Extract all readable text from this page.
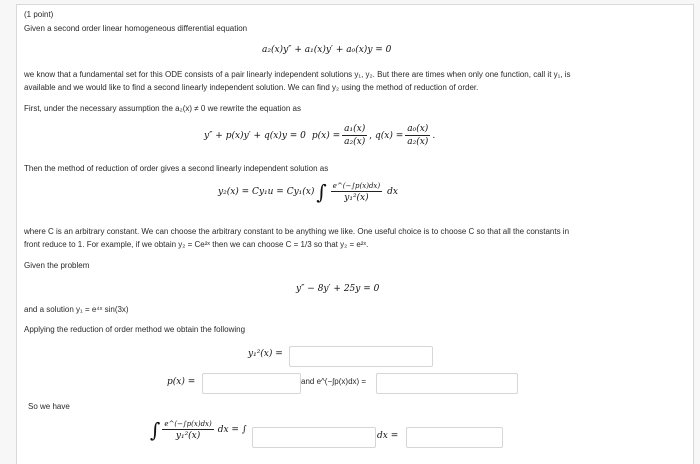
(1 point)
Given a second order linear homogeneous differential equation
a₂(x)y″ + a₁(x)y′ + a₀(x)y = 0
we know that a fundamental set for this ODE consists of a pair linearly independent solutions y₁, y₂. But there are times when only one function, call it y₁, is
available and we would like to find a second linearly independent solution. We can find y₂ using the method of reduction of order.
First, under the necessary assumption the a₂(x) ≠ 0 we rewrite the equation as
y″ + p(x)y′ + q(x)y = 0 $p(x) = \frac{\text{a₁(x)}}{\text{a₂(x)}}$ , $q(x) = \frac{\text{a₀(x)}}{\text{a₂(x)}}$ .
Then the method of reduction of order gives a second linearly independent solution as
y₂(x) = Cy₁u = Cy₁(x) ∫ $\frac{e\^{}(-\int p(x)dx)}{\text{y₁²(x)}}$ dx
where C is an arbitrary constant. We can choose the arbitrary constant to be anything we like. One useful choice is to choose C so that all the constants in
front reduce to 1. For example, if we obtain y₂ = Ce²ˣ then we can choose C = 1/3 so that y₂ = e²ˣ.
Given the problem
y″ − 8y′ + 25y = 0
and a solution y₁ = e⁴ˣ sin(3x)
Applying the reduction of order method we obtain the following
y₁²(x) =
p(x) =	and e^(−∫p(x)dx) =
So we have
∫ $\frac{e\^{}(-\int p(x)dx)}{\text{y₁²(x)}}$ dx = ∫
dx =
